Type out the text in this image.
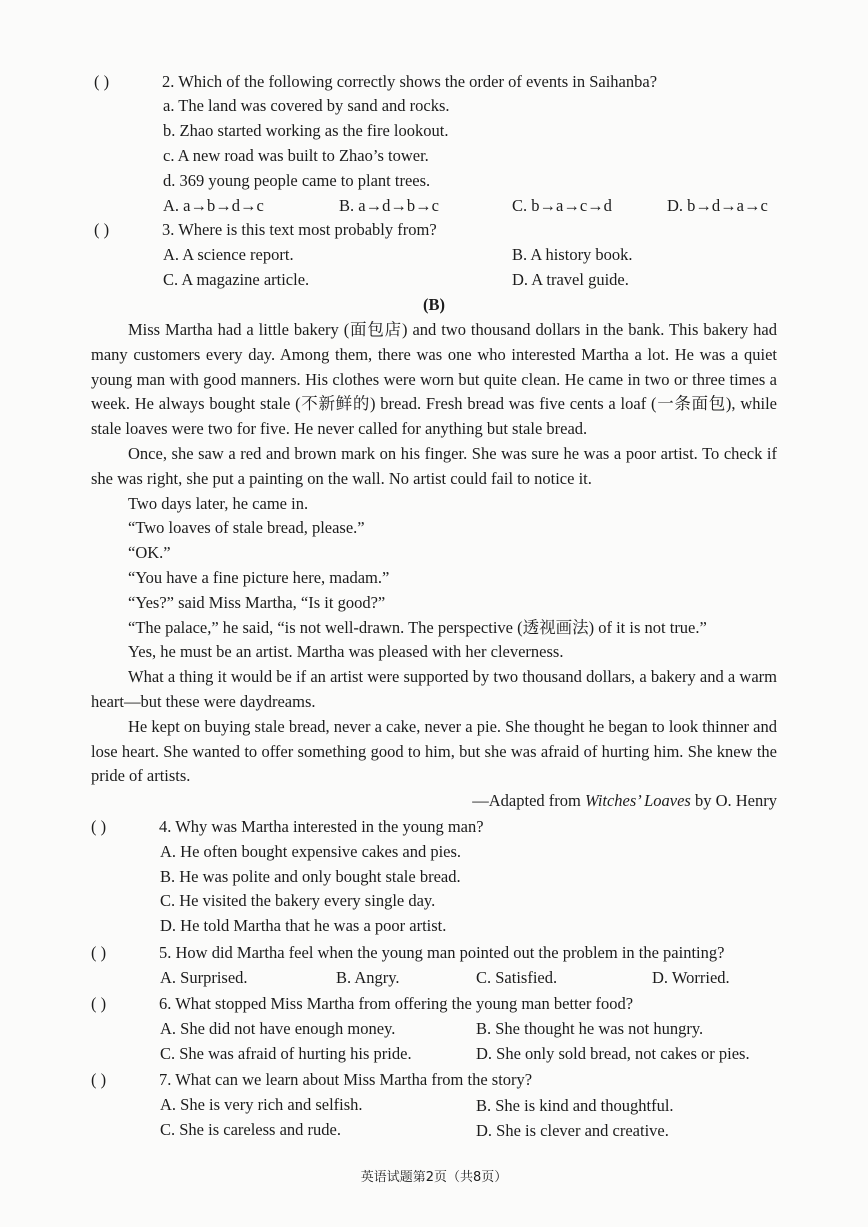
( )	2. Which of the following correctly shows the order of events in Saihanba?
a. The land was covered by sand and rocks.
b. Zhao started working as the fire lookout.
c. A new road was built to Zhao’s tower.
d. 369 young people came to plant trees.
A. a→b→d→c	B. a→d→b→c	C. b→a→c→d	D. b→d→a→c
( )	3. Where is this text most probably from?
A. A science report.	B. A history book.
C. A magazine article.	D. A travel guide.
(B)

Miss Martha had a little bakery (面包店) and two thousand dollars in the bank. This bakery had many customers every day. Among them, there was one who interested Martha a lot. He was a quiet young man with good manners. His clothes were worn but quite clean. He came in two or three times a week. He always bought stale (不新鲜的) bread. Fresh bread was five cents a loaf (一条面包), while stale loaves were two for five. He never called for anything but stale bread.

Once, she saw a red and brown mark on his finger. She was sure he was a poor artist. To check if she was right, she put a painting on the wall. No artist could fail to notice it.

Two days later, he came in.

“Two loaves of stale bread, please.”

“OK.”

“You have a fine picture here, madam.”

“Yes?” said Miss Martha, “Is it good?”

“The palace,” he said, “is not well-drawn. The perspective (透视画法) of it is not true.”

Yes, he must be an artist. Martha was pleased with her cleverness.

What a thing it would be if an artist were supported by two thousand dollars, a bakery and a warm heart—but these were daydreams.

He kept on buying stale bread, never a cake, never a pie. She thought he began to look thinner and lose heart. She wanted to offer something good to him, but she was afraid of hurting him. She knew the pride of artists.

—Adapted from Witches’ Loaves by O. Henry
( )	4. Why was Martha interested in the young man?
A. He often bought expensive cakes and pies.
B. He was polite and only bought stale bread.
C. He visited the bakery every single day.
D. He told Martha that he was a poor artist.
( )	5. How did Martha feel when the young man pointed out the problem in the painting?
A. Surprised.	B. Angry.	C. Satisfied.	D. Worried.
( )	6. What stopped Miss Martha from offering the young man better food?
A. She did not have enough money.	B. She thought he was not hungry.
C. She was afraid of hurting his pride.	D. She only sold bread, not cakes or pies.
( )	7. What can we learn about Miss Martha from the story?
A. She is very rich and selfish.	B. She is kind and thoughtful.
C. She is careless and rude.	D. She is clever and creative.
英语试题第2页（共8页）
